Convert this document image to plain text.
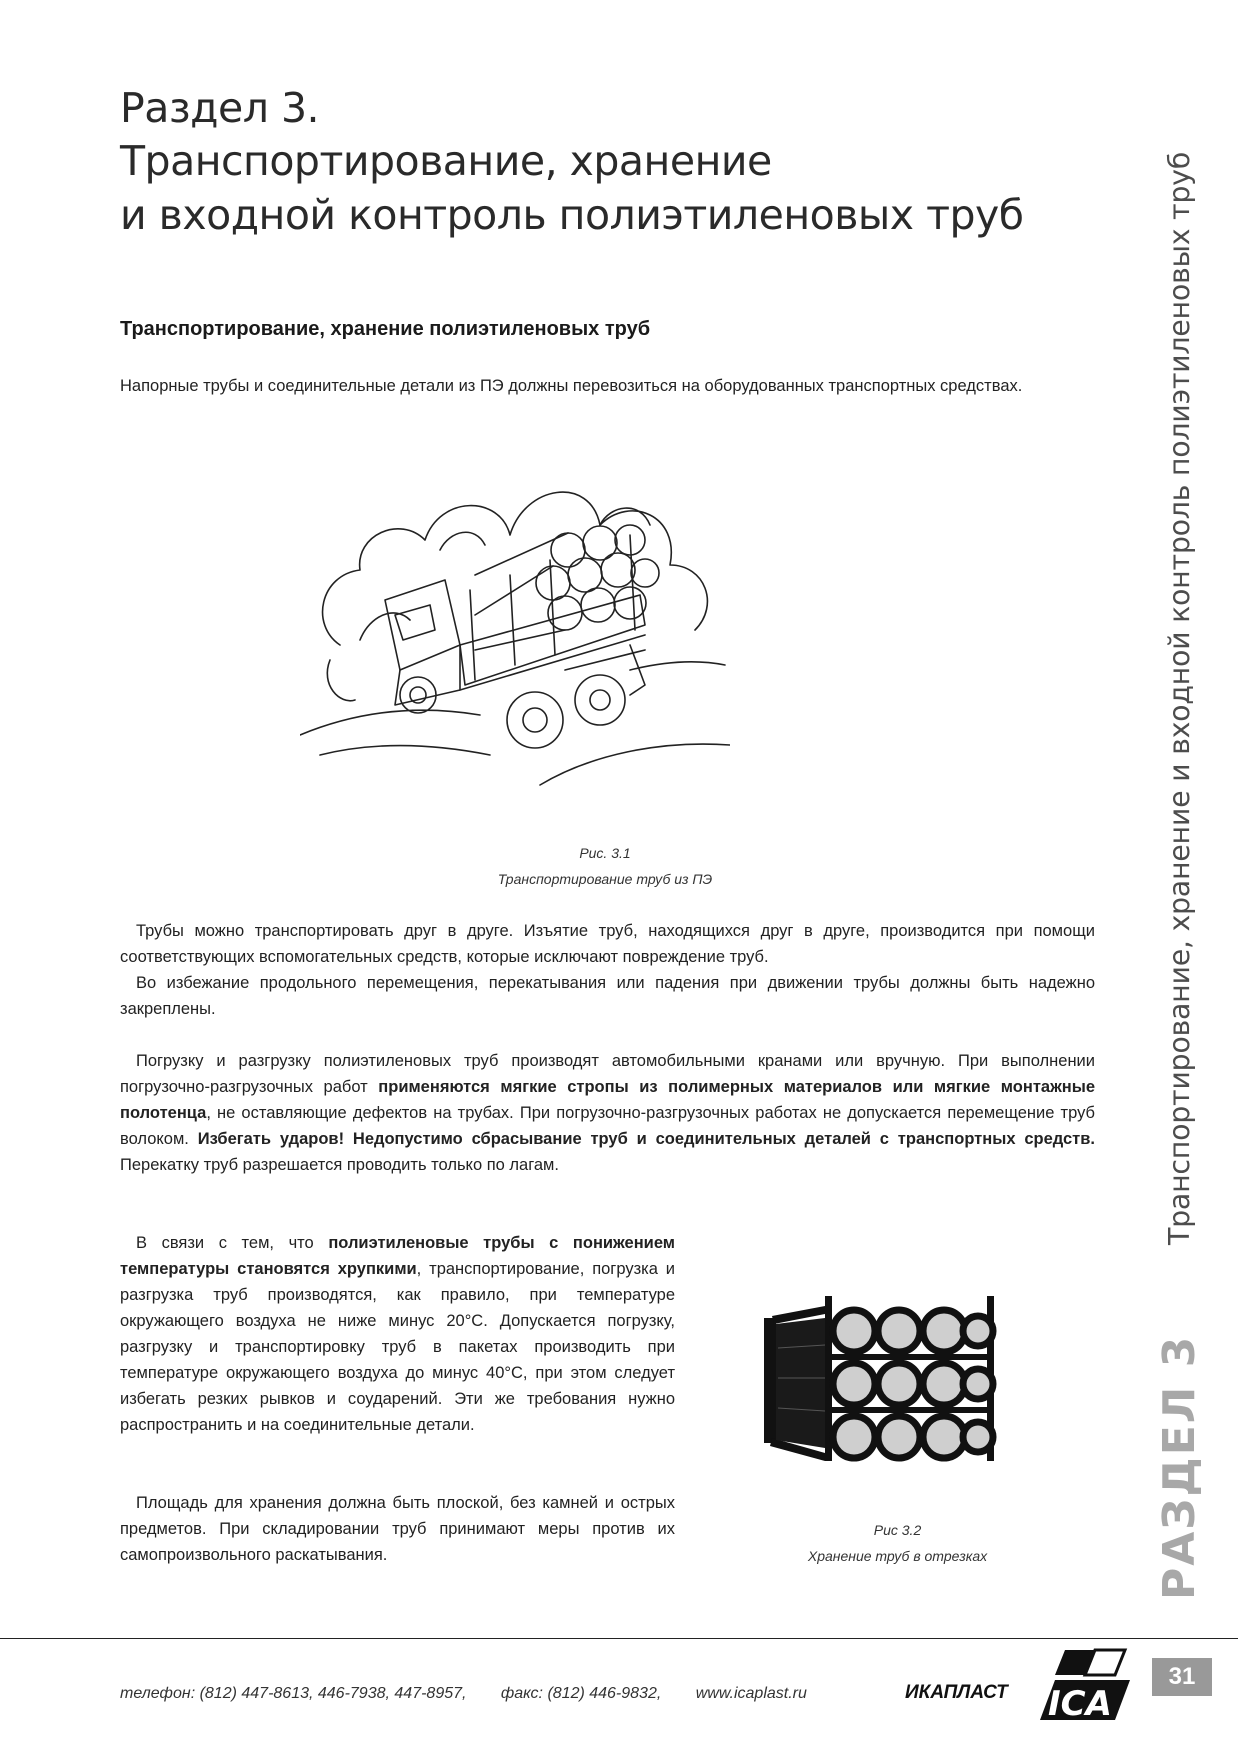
Раздел 3.
Транспортирование, хранение
и входной контроль полиэтиленовых труб
Транспортирование, хранение полиэтиленовых труб

Напорные трубы и соединительные детали из ПЭ должны перевозиться на оборудованных транспортных средствах.

Рис. 3.1
Транспортирование труб из ПЭ

Трубы можно транспортировать друг в друге. Изъятие труб, находящихся друг в друге, производится при помощи соответствующих вспомогательных средств, которые исключают повреждение труб.

Во избежание продольного перемещения, перекатывания или падения при движении трубы должны быть надежно закреплены.

Погрузку и разгрузку полиэтиленовых труб производят автомобильными кранами или вручную. При выполнении погрузочно-разгрузочных работ применяются мягкие стропы из полимерных материалов или мягкие монтажные полотенца, не оставляющие дефектов на трубах. При погрузочно-разгрузочных работах не допускается перемещение труб волоком. Избегать ударов! Недопустимо сбрасывание труб и соединительных деталей с транспортных средств. Перекатку труб разрешается проводить только по лагам.

В связи с тем, что полиэтиленовые трубы с понижением температуры становятся хрупкими, транспортирование, погрузка и разгрузка труб производятся, как правило, при температуре окружающего воздуха не ниже минус 20°С. Допускается погрузку, разгрузку и транспортировку труб в пакетах производить при температуре окружающего воздуха до минус 40°С, при этом следует избегать резких рывков и соударений. Эти же требования нужно распространить и на соединительные детали.

Площадь для хранения должна быть плоской, без камней и острых предметов. При складировании труб принимают меры против их самопроизвольного раскатывания.

Рис 3.2
Хранение труб в отрезках
Транспортирование, хранение и входной контроль полиэтиленовых труб
РАЗДЕЛ 3
телефон: (812) 447-8613, 446-7938, 447-8957, факс: (812) 446-9832, www.icaplast.ru	ИКАПЛАСТ ICA
31
